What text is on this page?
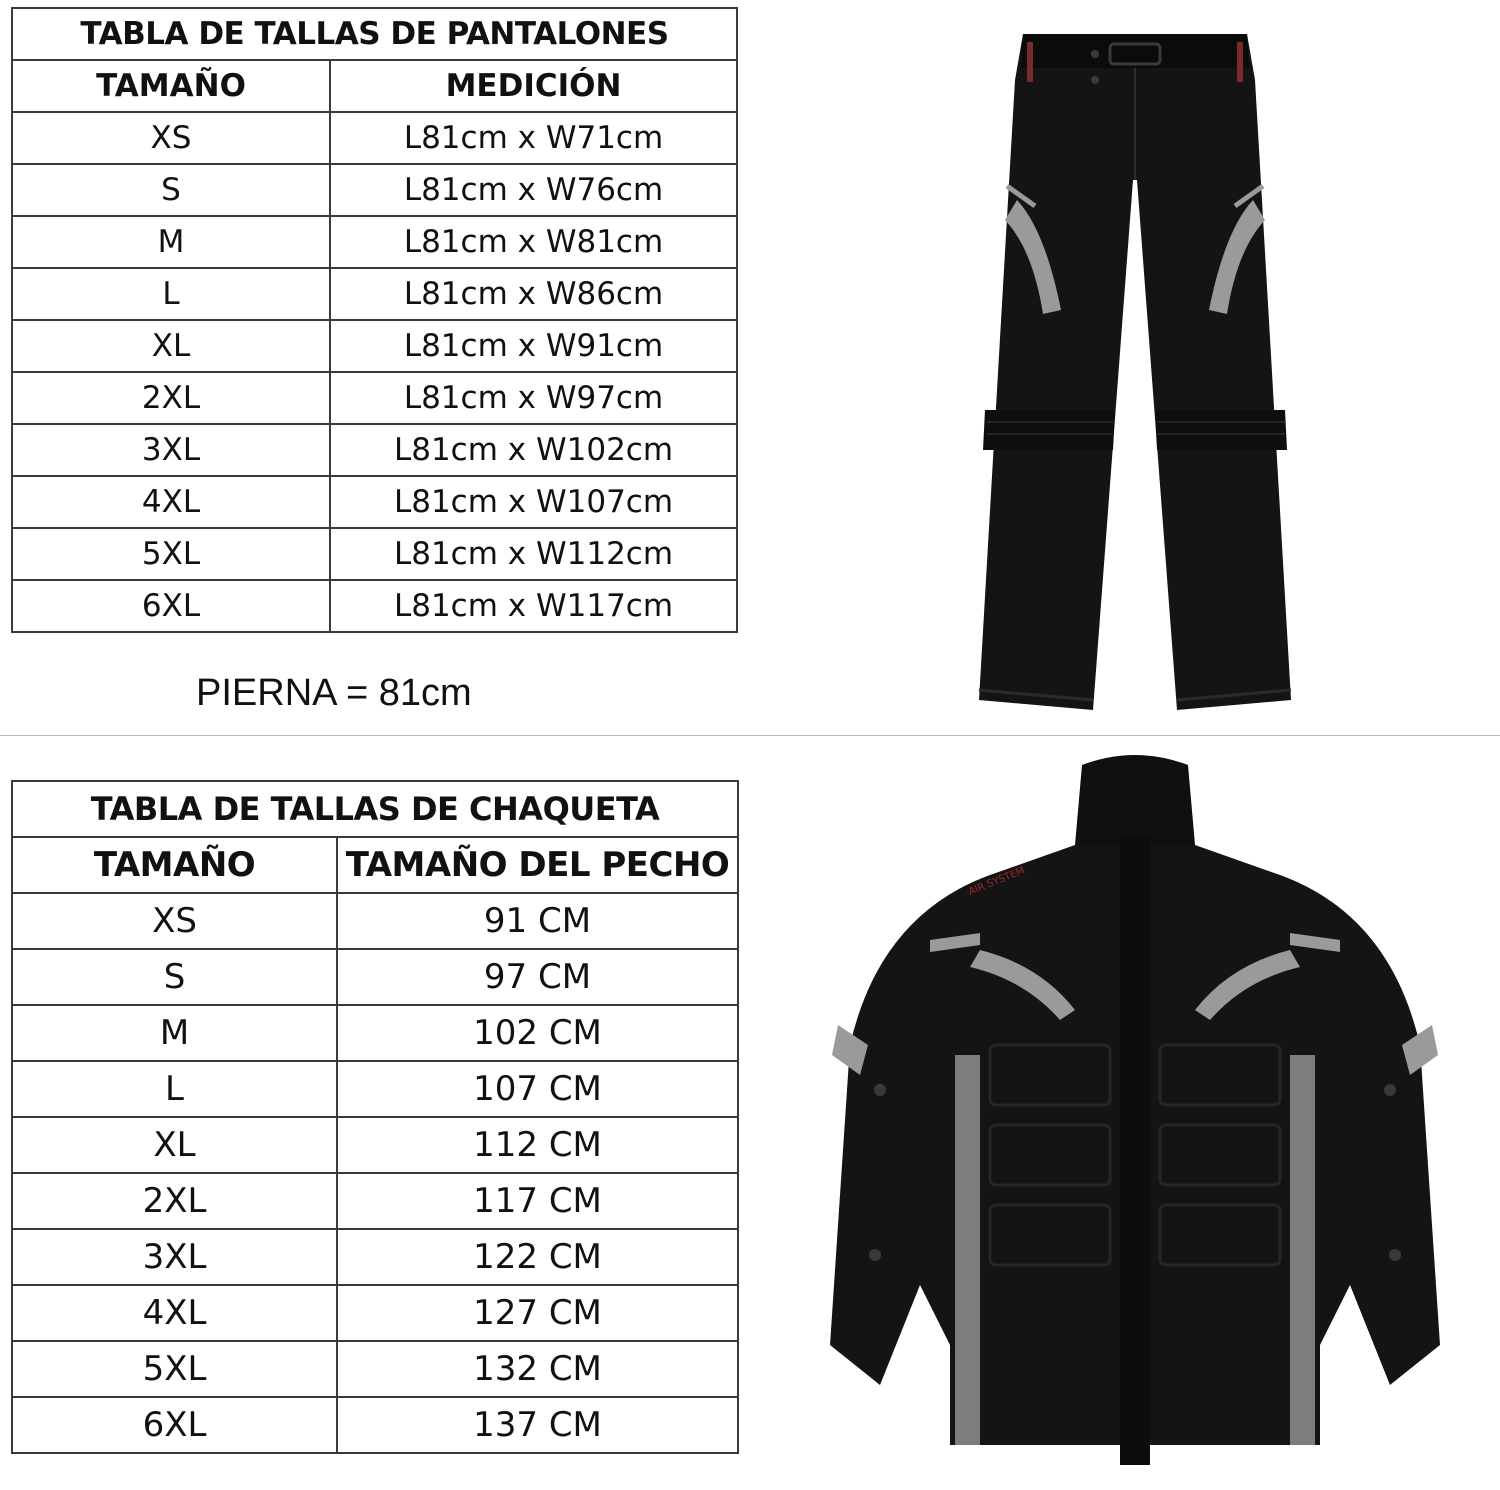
TABLA DE TALLAS DE PANTALONES	
TAMAÑO	MEDICIÓN
XS	L81cm x W71cm
S	L81cm x W76cm
M	L81cm x W81cm
L	L81cm x W86cm
XL	L81cm x W91cm
2XL	L81cm x W97cm
3XL	L81cm x W102cm
4XL	L81cm x W107cm
5XL	L81cm x W112cm
6XL	L81cm x W117cm
PIERNA = 81cm
AIR SYSTEM
TABLA DE TALLAS DE CHAQUETA	
TAMAÑO	TAMAÑO DEL PECHO
XS	91 CM
S	97 CM
M	102 CM
L	107 CM
XL	112 CM
2XL	117 CM
3XL	122 CM
4XL	127 CM
5XL	132 CM
6XL	137 CM
